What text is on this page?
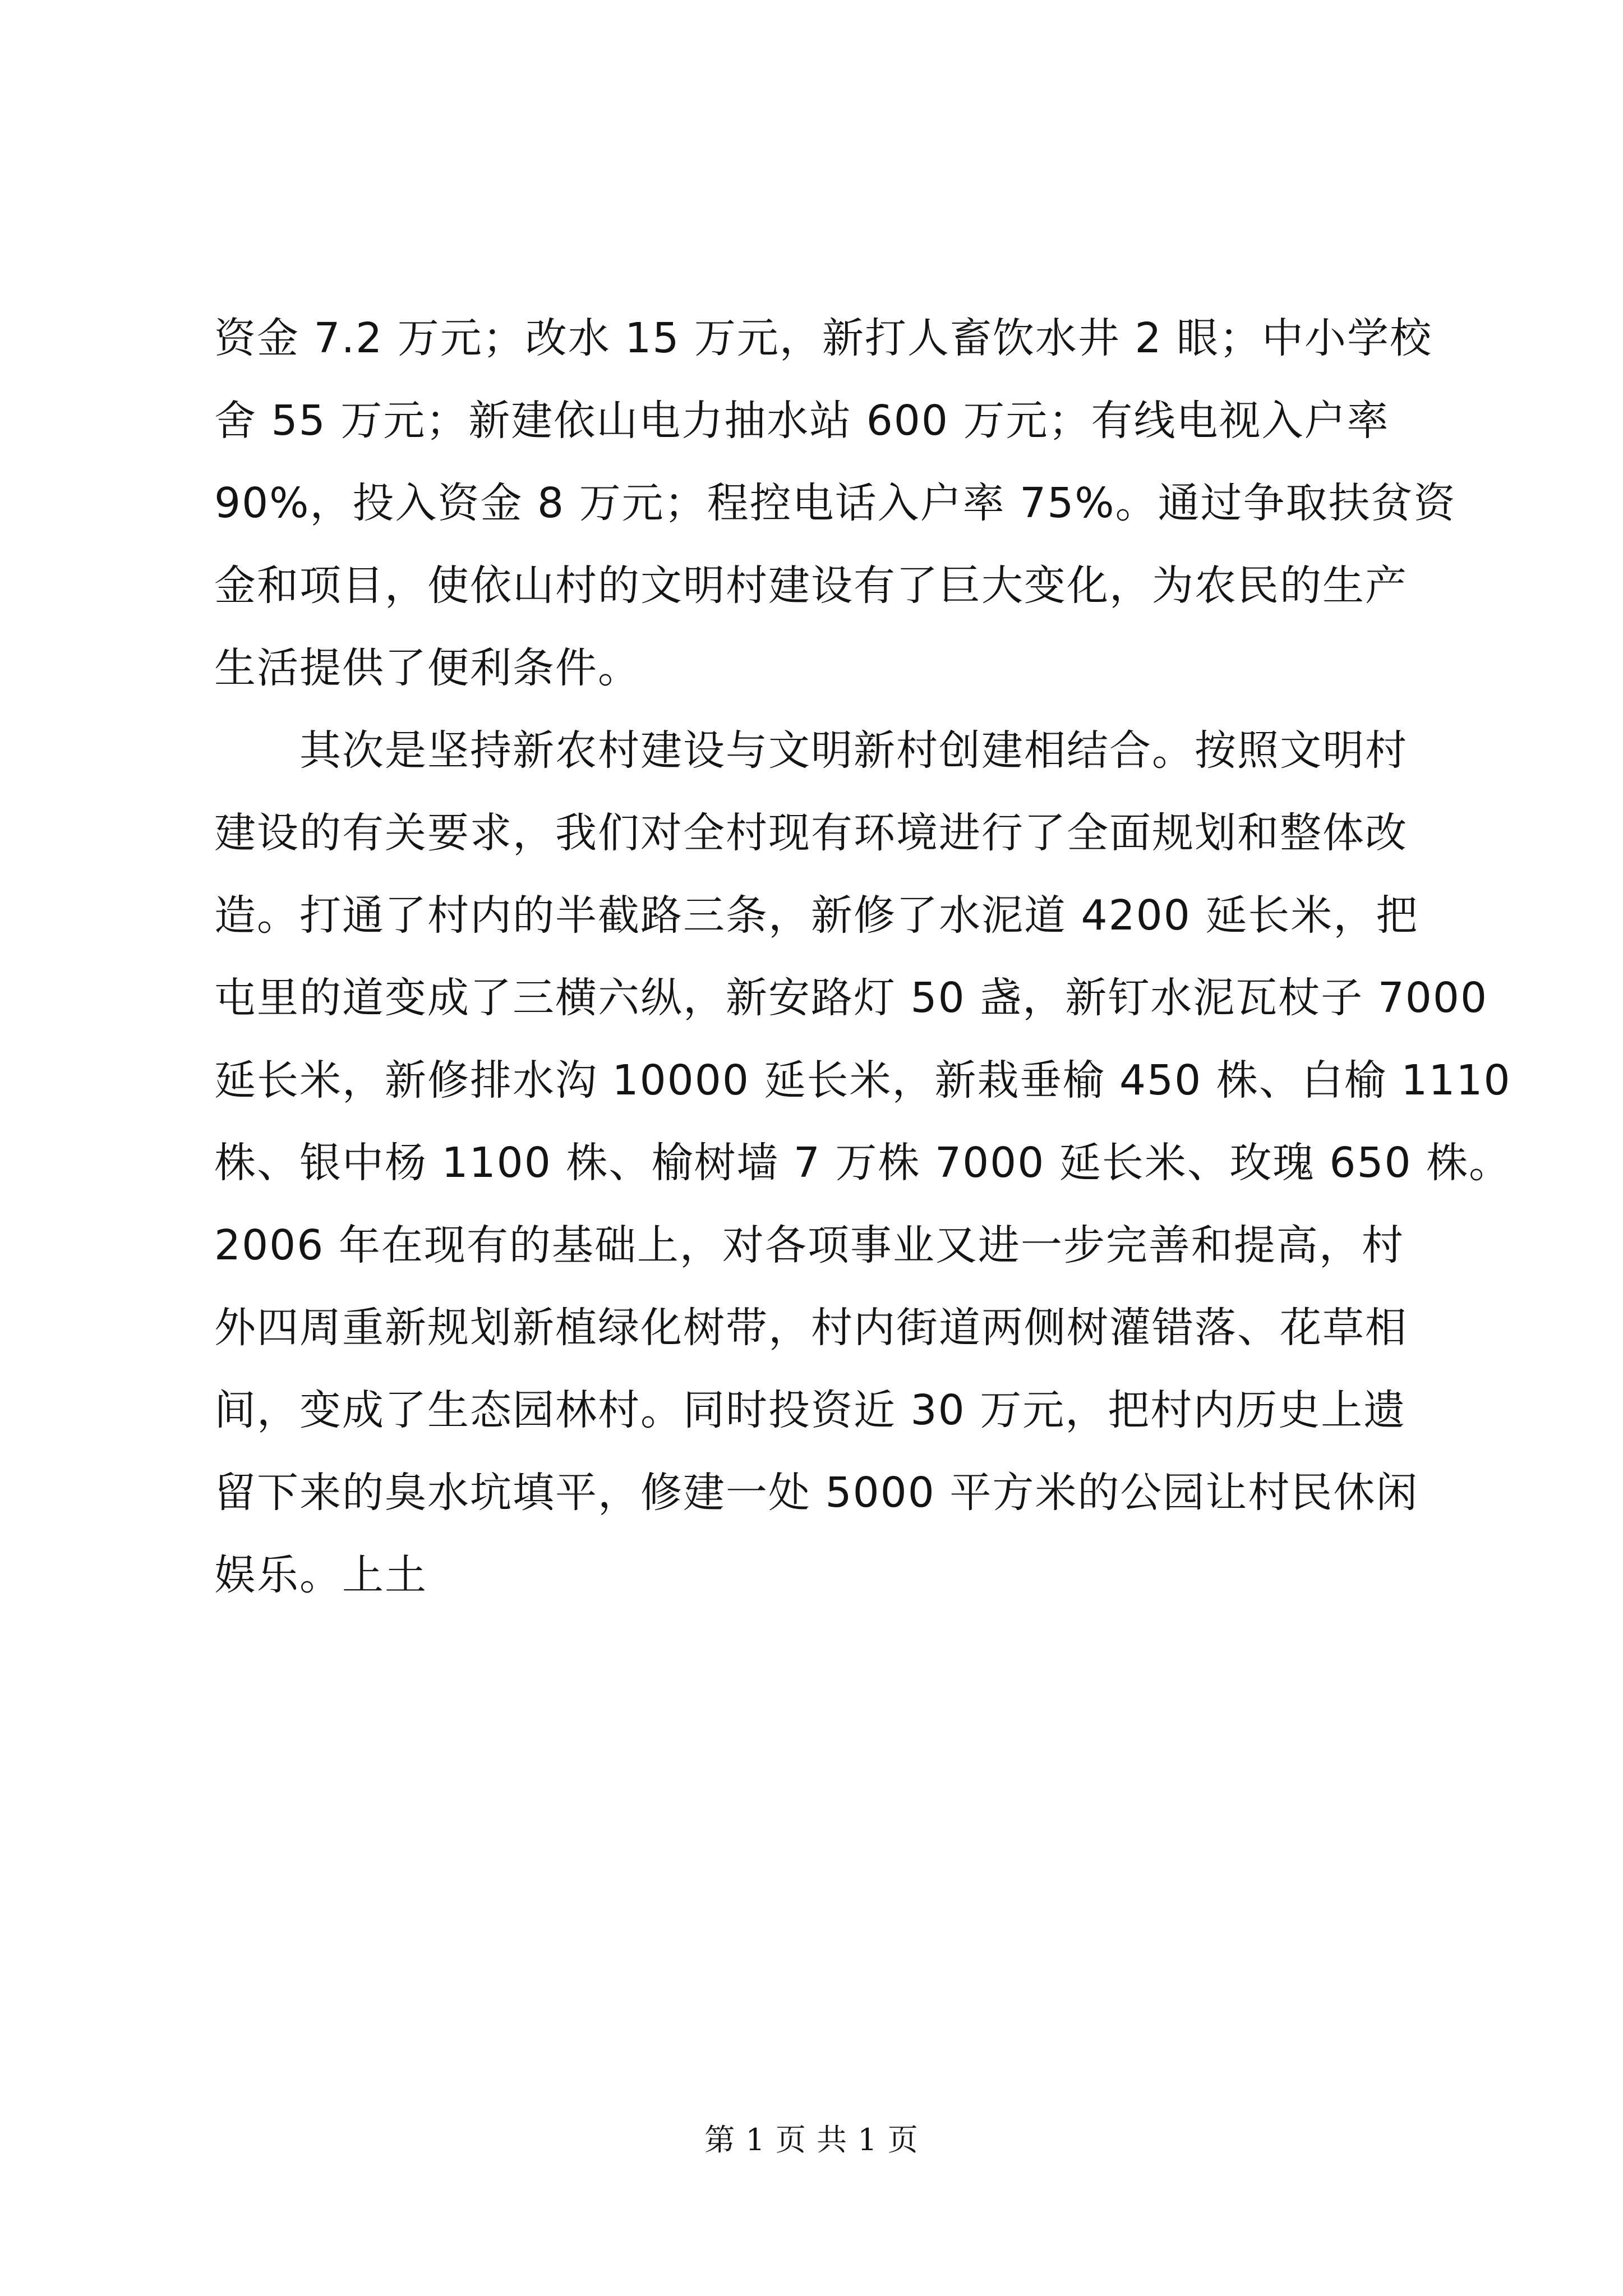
资金 7.2 万元；改水 15 万元，新打人畜饮水井 2 眼；中小学校
舍 55 万元；新建依山电力抽水站 600 万元；有线电视入户率
90%，投入资金 8 万元；程控电话入户率 75%。通过争取扶贫资
金和项目，使依山村的文明村建设有了巨大变化，为农民的生产
生活提供了便利条件。
其次是坚持新农村建设与文明新村创建相结合。按照文明村
建设的有关要求，我们对全村现有环境进行了全面规划和整体改
造。打通了村内的半截路三条，新修了水泥道 4200 延长米，把
屯里的道变成了三横六纵，新安路灯 50 盏，新钉水泥瓦杖子 7000
延长米，新修排水沟 10000 延长米，新栽垂榆 450 株、白榆 1110
株、银中杨 1100 株、榆树墙 7 万株 7000 延长米、玫瑰 650 株。
2006 年在现有的基础上，对各项事业又进一步完善和提高，村
外四周重新规划新植绿化树带，村内街道两侧树灌错落、花草相
间，变成了生态园林村。同时投资近 30 万元，把村内历史上遗
留下来的臭水坑填平，修建一处 5000 平方米的公园让村民休闲
娱乐。上土
第 1 页 共 1 页
